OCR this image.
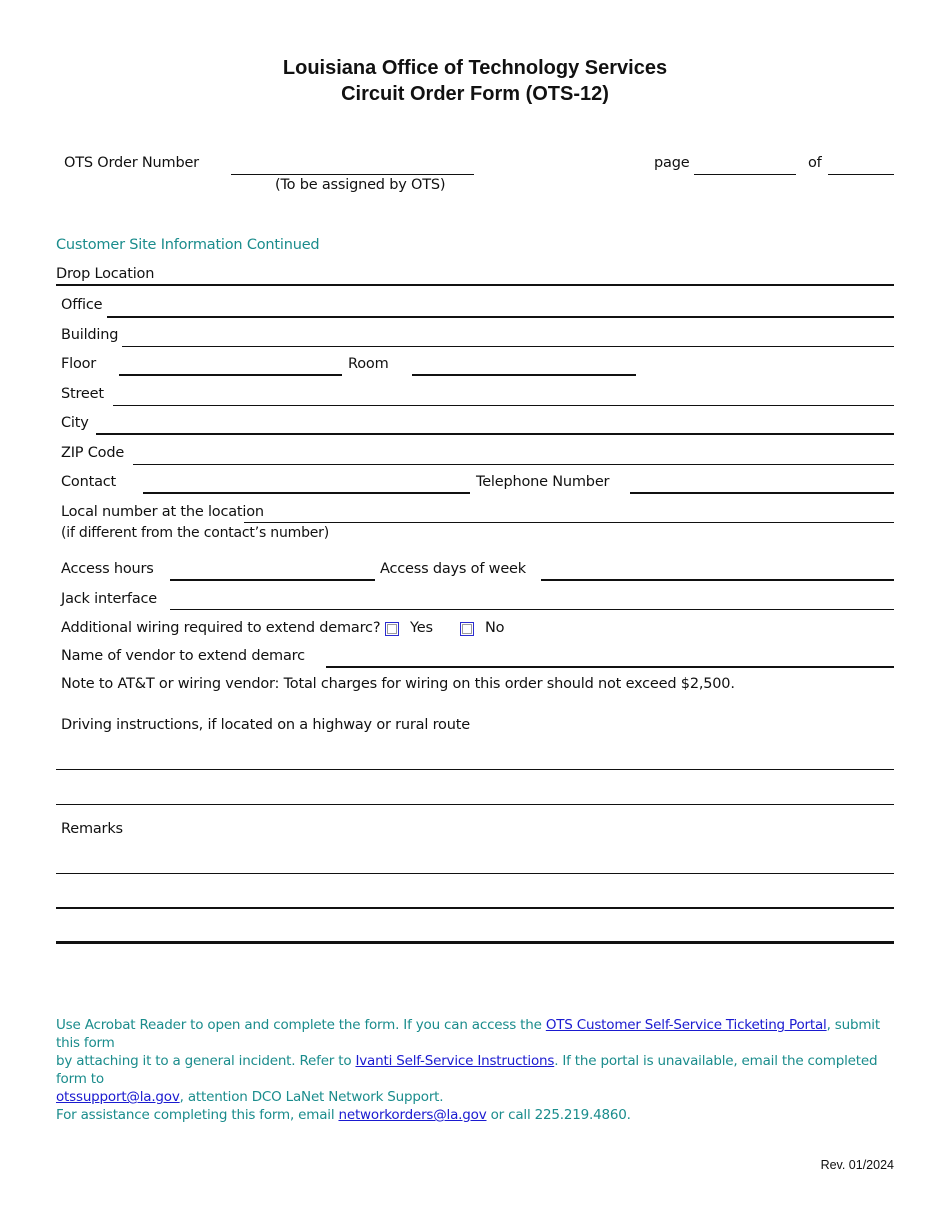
Louisiana Office of Technology Services
Circuit Order Form (OTS-12)
OTS Order Number
(To be assigned by OTS)
page	of
Customer Site Information Continued
Drop Location
Office
Building
Floor	Room
Street
City
ZIP Code
Contact	Telephone Number
Local number at the location
(if different from the contact’s number)
Access hours	Access days of week
Jack interface
Additional wiring required to extend demarc? Yes	No
Name of vendor to extend demarc
Note to AT&T or wiring vendor: Total charges for wiring on this order should not exceed $2,500.
Driving instructions, if located on a highway or rural route
Remarks
Use Acrobat Reader to open and complete the form. If you can access the OTS Customer Self-Service Ticketing Portal, submit this form
by attaching it to a general incident. Refer to Ivanti Self-Service Instructions. If the portal is unavailable, email the completed form to
otssupport@la.gov, attention DCO LaNet Network Support.
For assistance completing this form, email networkorders@la.gov or call 225.219.4860.
Rev. 01/2024
